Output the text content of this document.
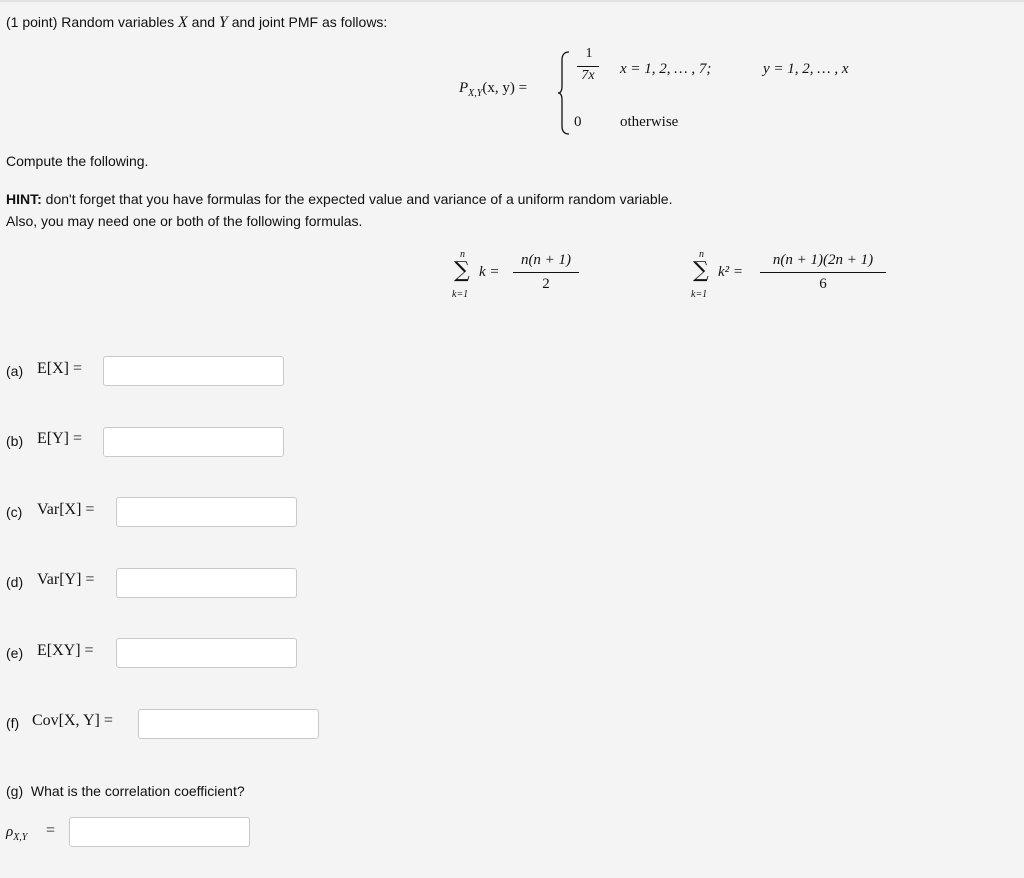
(1 point) Random variables X and Y and joint PMF as follows:
$P_{X,Y}(x$, y) =
1
7x	x = 1, 2, … , 7;	y = 1, 2, … , x
0	otherwise
Compute the following.
HINT: don't forget that you have formulas for the expected value and variance of a uniform random variable.
Also, you may need one or both of the following formulas.
n
∑
k=1
k =
n(n + 1)
2
n
∑
k=1
k² =
n(n + 1)(2n + 1)
6
(a) E[X] =
(b) E[Y] =
(c) Var[X] =
(d) Var[Y] =
(e) E[XY] =
(f) Cov[X, Y] =
(g) What is the correlation coefficient?
$\rho_{X,Y}$ =
